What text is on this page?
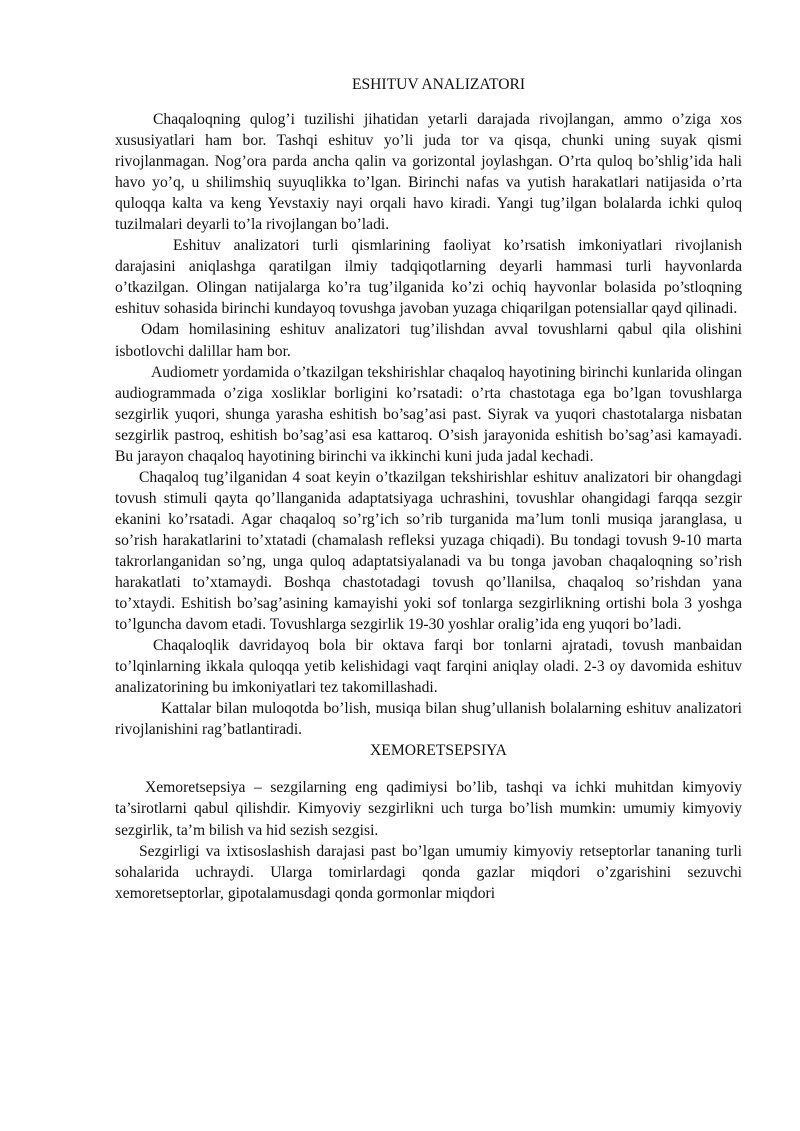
ESHITUV ANALIZATORI

Chaqaloqning qulog’i tuzilishi jihatidan yetarli darajada rivojlangan, ammo o’ziga xos xususiyatlari ham bor. Tashqi eshituv yo’li juda tor va qisqa, chunki uning suyak qismi rivojlanmagan. Nog’ora parda ancha qalin va gorizontal joylashgan. O’rta quloq bo’shlig’ida hali havo yo’q, u shilimshiq suyuqlikka to’lgan. Birinchi nafas va yutish harakatlari natijasida o’rta quloqqa kalta va keng Yevstaxiy nayi orqali havo kiradi. Yangi tug’ilgan bolalarda ichki quloq tuzilmalari deyarli to’la rivojlangan bo’ladi.

Eshituv analizatori turli qismlarining faoliyat ko’rsatish imkoniyatlari rivojlanish darajasini aniqlashga qaratilgan ilmiy tadqiqotlarning deyarli hammasi turli hayvonlarda o’tkazilgan. Olingan natijalarga ko’ra tug’ilganida ko’zi ochiq hayvonlar bolasida po’stloqning eshituv sohasida birinchi kundayoq tovushga javoban yuzaga chiqarilgan potensiallar qayd qilinadi.

Odam homilasining eshituv analizatori tug’ilishdan avval tovushlarni qabul qila olishini isbotlovchi dalillar ham bor.

Audiometr yordamida o’tkazilgan tekshirishlar chaqaloq hayotining birinchi kunlarida olingan audiogrammada o’ziga xosliklar borligini ko’rsatadi: o’rta chastotaga ega bo’lgan tovushlarga sezgirlik yuqori, shunga yarasha eshitish bo’sag’asi past. Siyrak va yuqori chastotalarga nisbatan sezgirlik pastroq, eshitish bo’sag’asi esa kattaroq. O’sish jarayonida eshitish bo’sag’asi kamayadi. Bu jarayon chaqaloq hayotining birinchi va ikkinchi kuni juda jadal kechadi.

Chaqaloq tug’ilganidan 4 soat keyin o’tkazilgan tekshirishlar eshituv analizatori bir ohangdagi tovush stimuli qayta qo’llanganida adaptatsiyaga uchrashini, tovushlar ohangidagi farqqa sezgir ekanini ko’rsatadi. Agar chaqaloq so’rg’ich so’rib turganida ma’lum tonli musiqa jaranglasa, u so’rish harakatlarini to’xtatadi (chamalash refleksi yuzaga chiqadi). Bu tondagi tovush 9-10 marta takrorlanganidan so’ng, unga quloq adaptatsiyalanadi va bu tonga javoban chaqaloqning so’rish harakatlati to’xtamaydi. Boshqa chastotadagi tovush qo’llanilsa, chaqaloq so’rishdan yana to’xtaydi. Eshitish bo’sag’asining kamayishi yoki sof tonlarga sezgirlikning ortishi bola 3 yoshga to’lguncha davom etadi. Tovushlarga sezgirlik 19-30 yoshlar oralig’ida eng yuqori bo’ladi.

Chaqaloqlik davridayoq bola bir oktava farqi bor tonlarni ajratadi, tovush manbaidan to’lqinlarning ikkala quloqqa yetib kelishidagi vaqt farqini aniqlay oladi. 2-3 oy davomida eshituv analizatorining bu imkoniyatlari tez takomillashadi.

Kattalar bilan muloqotda bo’lish, musiqa bilan shug’ullanish bolalarning eshituv analizatori rivojlanishini rag’batlantiradi.

XEMORETSEPSIYA

Xemoretsepsiya – sezgilarning eng qadimiysi bo’lib, tashqi va ichki muhitdan kimyoviy ta’sirotlarni qabul qilishdir. Kimyoviy sezgirlikni uch turga bo’lish mumkin: umumiy kimyoviy sezgirlik, ta’m bilish va hid sezish sezgisi.

Sezgirligi va ixtisoslashish darajasi past bo’lgan umumiy kimyoviy retseptorlar tananing turli sohalarida uchraydi. Ularga tomirlardagi qonda gazlar miqdori o’zgarishini sezuvchi xemoretseptorlar, gipotalamusdagi qonda gormonlar miqdori
